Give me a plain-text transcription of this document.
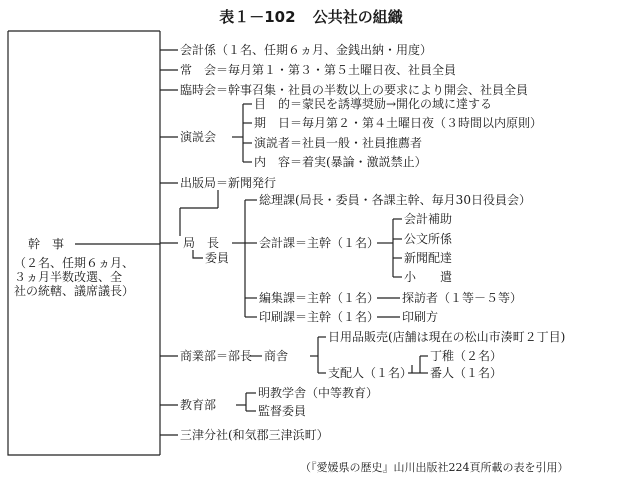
表１－102 公共社の組織
幹　事
（２名、任期６ヵ月、
３ヵ月半数改選、全
社の統轄、議席議長）
会計係（１名、任期６ヵ月、金銭出納・用度）
常　会＝毎月第１・第３・第５土曜日夜、社員全員
臨時会＝幹事召集・社員の半数以上の要求により開会、社員全員
演説会
目　的＝蒙民を誘導奨励→開化の域に達する
期　日＝毎月第２・第４土曜日夜（３時間以内原則）
演説者＝社員一般・社員推薦者
内　容＝着実(暴論・激説禁止）
出版局＝新聞発行
局　長
委員
総理課(局長・委員・各課主幹、毎月30日役員会）
会計課＝主幹（１名）
会計補助
公文所係
新聞配達
小　　遣
編集課＝主幹（１名） 探訪者（１等－５等）
印刷課＝主幹（１名） 印刷方
商業部＝部長 商舎
日用品販売(店舗は現在の松山市湊町２丁目)
支配人（１名）
丁稚（２名）
番人（１名）
教育部
明教学舎（中等教育）
監督委員
三津分社(和気郡三津浜町）
（『愛媛県の歴史』山川出版社224頁所載の表を引用）
